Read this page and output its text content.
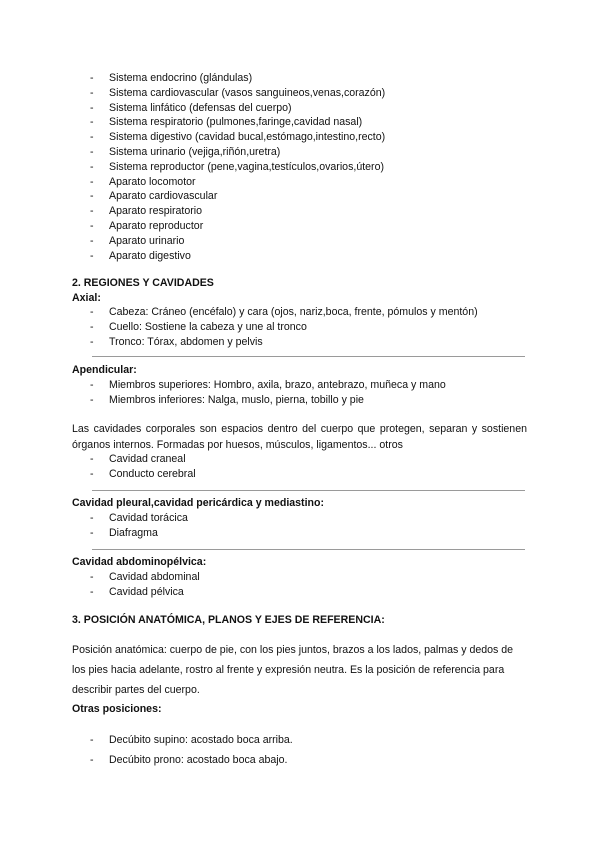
- Sistema endocrino (glándulas)
- Sistema cardiovascular (vasos sanguineos,venas,corazón)
- Sistema linfático (defensas del cuerpo)
- Sistema respiratorio (pulmones,faringe,cavidad nasal)
- Sistema digestivo (cavidad bucal,estómago,intestino,recto)
- Sistema urinario (vejiga,riñón,uretra)
- Sistema reproductor (pene,vagina,testículos,ovarios,útero)
- Aparato locomotor
- Aparato cardiovascular
- Aparato respiratorio
- Aparato reproductor
- Aparato urinario
- Aparato digestivo
2. REGIONES Y CAVIDADES
Axial:
- Cabeza: Cráneo (encéfalo) y cara (ojos, nariz,boca, frente, pómulos y mentón)
- Cuello: Sostiene la cabeza y une al tronco
- Tronco: Tórax, abdomen y pelvis
Apendicular:
- Miembros superiores: Hombro, axila, brazo, antebrazo, muñeca y mano
- Miembros inferiores: Nalga, muslo, pierna, tobillo y pie
Las cavidades corporales son espacios dentro del cuerpo que protegen, separan y sostienen órganos internos. Formadas por huesos, músculos, ligamentos... otros
- Cavidad craneal
- Conducto cerebral
Cavidad pleural,cavidad pericárdica y mediastino:
- Cavidad torácica
- Diafragma
Cavidad abdominopélvica:
- Cavidad abdominal
- Cavidad pélvica
3. POSICIÓN ANATÓMICA, PLANOS Y EJES DE REFERENCIA:
Posición anatómica: cuerpo de pie, con los pies juntos, brazos a los lados, palmas y dedos de los pies hacia adelante, rostro al frente y expresión neutra. Es la posición de referencia para describir partes del cuerpo.
Otras posiciones:
- Decúbito supino: acostado boca arriba.
- Decúbito prono: acostado boca abajo.
